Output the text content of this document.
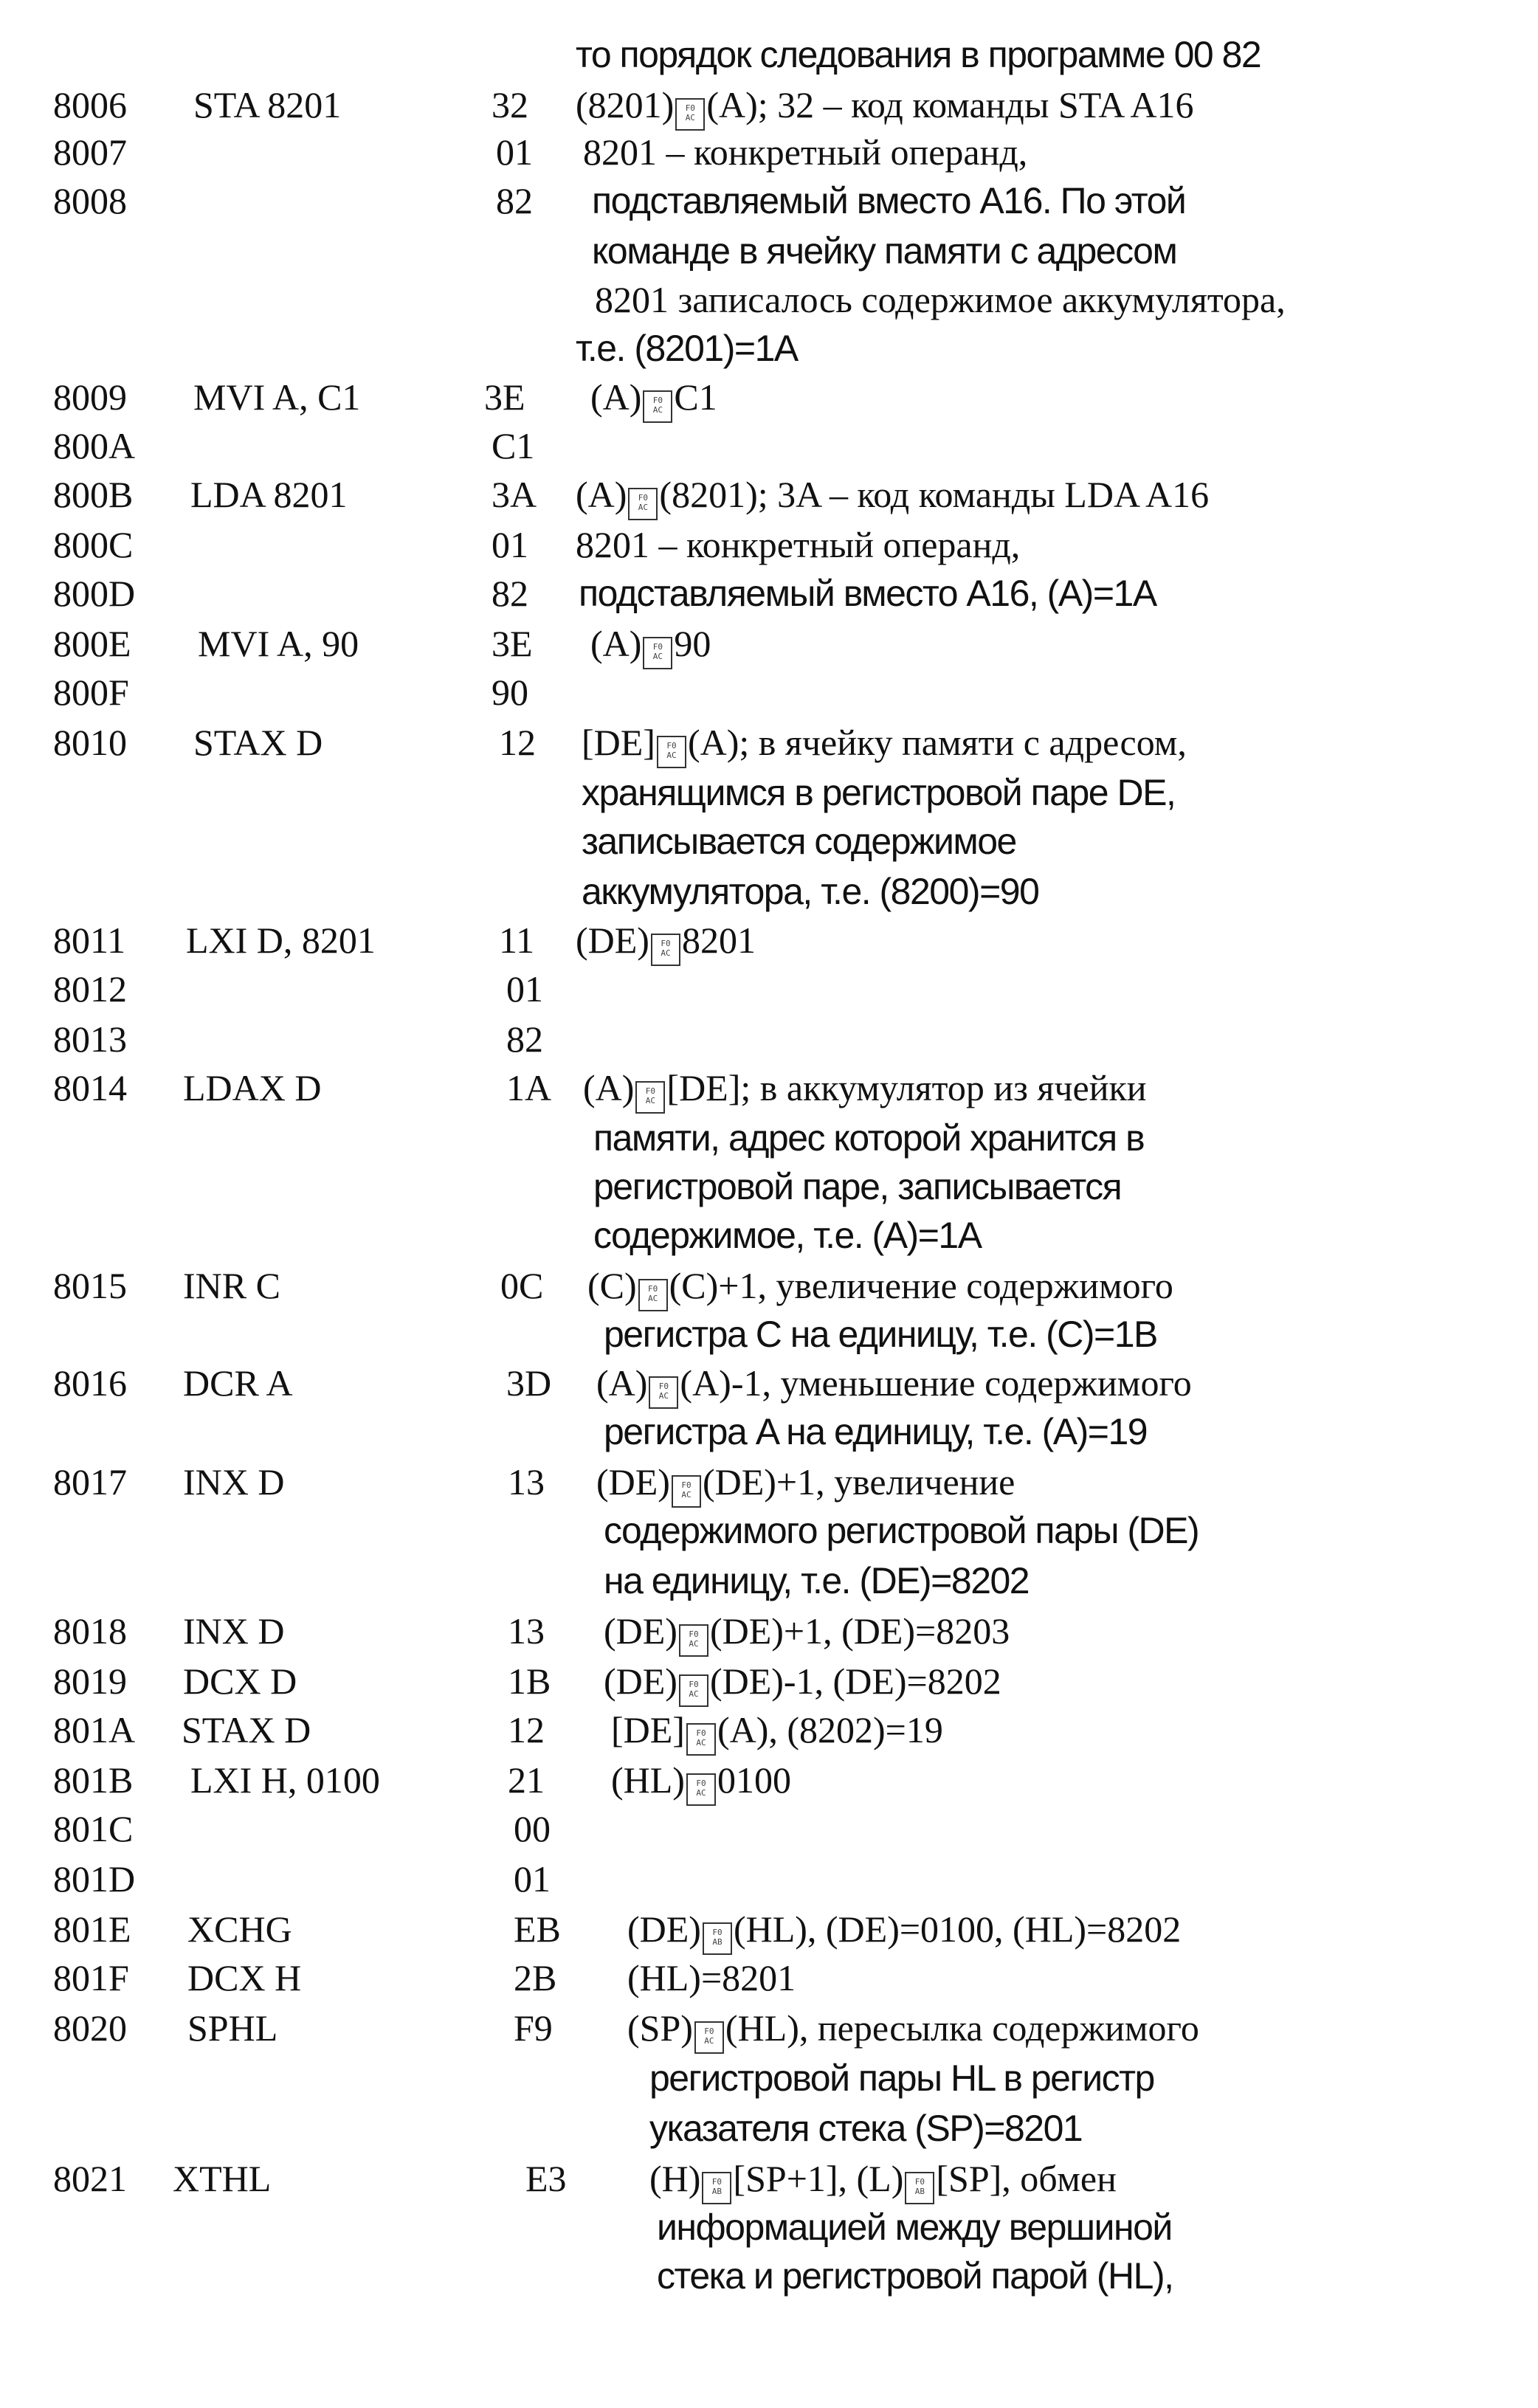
то порядок следования в программе 00 82
8006 STA 8201	32 (8201) F0
AC (A); 32 – код команды STA A16
8007	01 8201 – конкретный операнд,
8008	82 подставляемый вместо A16. По этой
команде в ячейку памяти с адресом
8201 записалось содержимое аккумулятора,
т.е. (8201)=1A
8009 MVI A, C1	3E (A) F0
AC C1
800A	C1
800B LDA 8201	3A (A) F0
AC (8201); 3A – код команды LDA A16
800C	01 8201 – конкретный операнд,
800D	82 подставляемый вместо A16, (A)=1A
800E MVI A, 90	3E (A) F0
AC 90
800F	90
8010 STAX D	12 [DE] F0
AC (A); в ячейку памяти с адресом,
хранящимся в регистровой паре DE,
записывается содержимое
аккумулятора, т.е. (8200)=90
8011 LXI D, 8201	11 (DE) F0
AC 8201
8012	01
8013	82
8014 LDAX D	1A (A) F0
AC [DE]; в аккумулятор из ячейки
памяти, адрес которой хранится в
регистровой паре, записывается
содержимое, т.е. (A)=1A
8015 INR C	0C (C) F0
AC (C)+1, увеличение содержимого
регистра C на единицу, т.е. (C)=1B
8016 DCR A	3D (A) F0
AC (A)-1, уменьшение содержимого
регистра A на единицу, т.е. (A)=19
8017 INX D	13 (DE) F0
AC (DE)+1, увеличение
содержимого регистровой пары (DE)
на единицу, т.е. (DE)=8202
8018 INX D	13 (DE) F0
AC (DE)+1, (DE)=8203
8019 DCX D	1B (DE) F0
AC (DE)-1, (DE)=8202
801A STAX D	12 [DE] F0
AC (A), (8202)=19
801B LXI H, 0100	21 (HL) F0
AC 0100
801C	00
801D	01
801E XCHG	EB (DE) F0
AB (HL), (DE)=0100, (HL)=8202
801F DCX H	2B (HL)=8201
8020 SPHL	F9 (SP) F0
AC (HL), пересылка содержимого
регистровой пары HL в регистр
указателя стека (SP)=8201
8021 XTHL	E3 (H) F0
AB [SP+1], (L) F0
AB [SP], обмен
информацией между вершиной
стека и регистровой парой (HL),
